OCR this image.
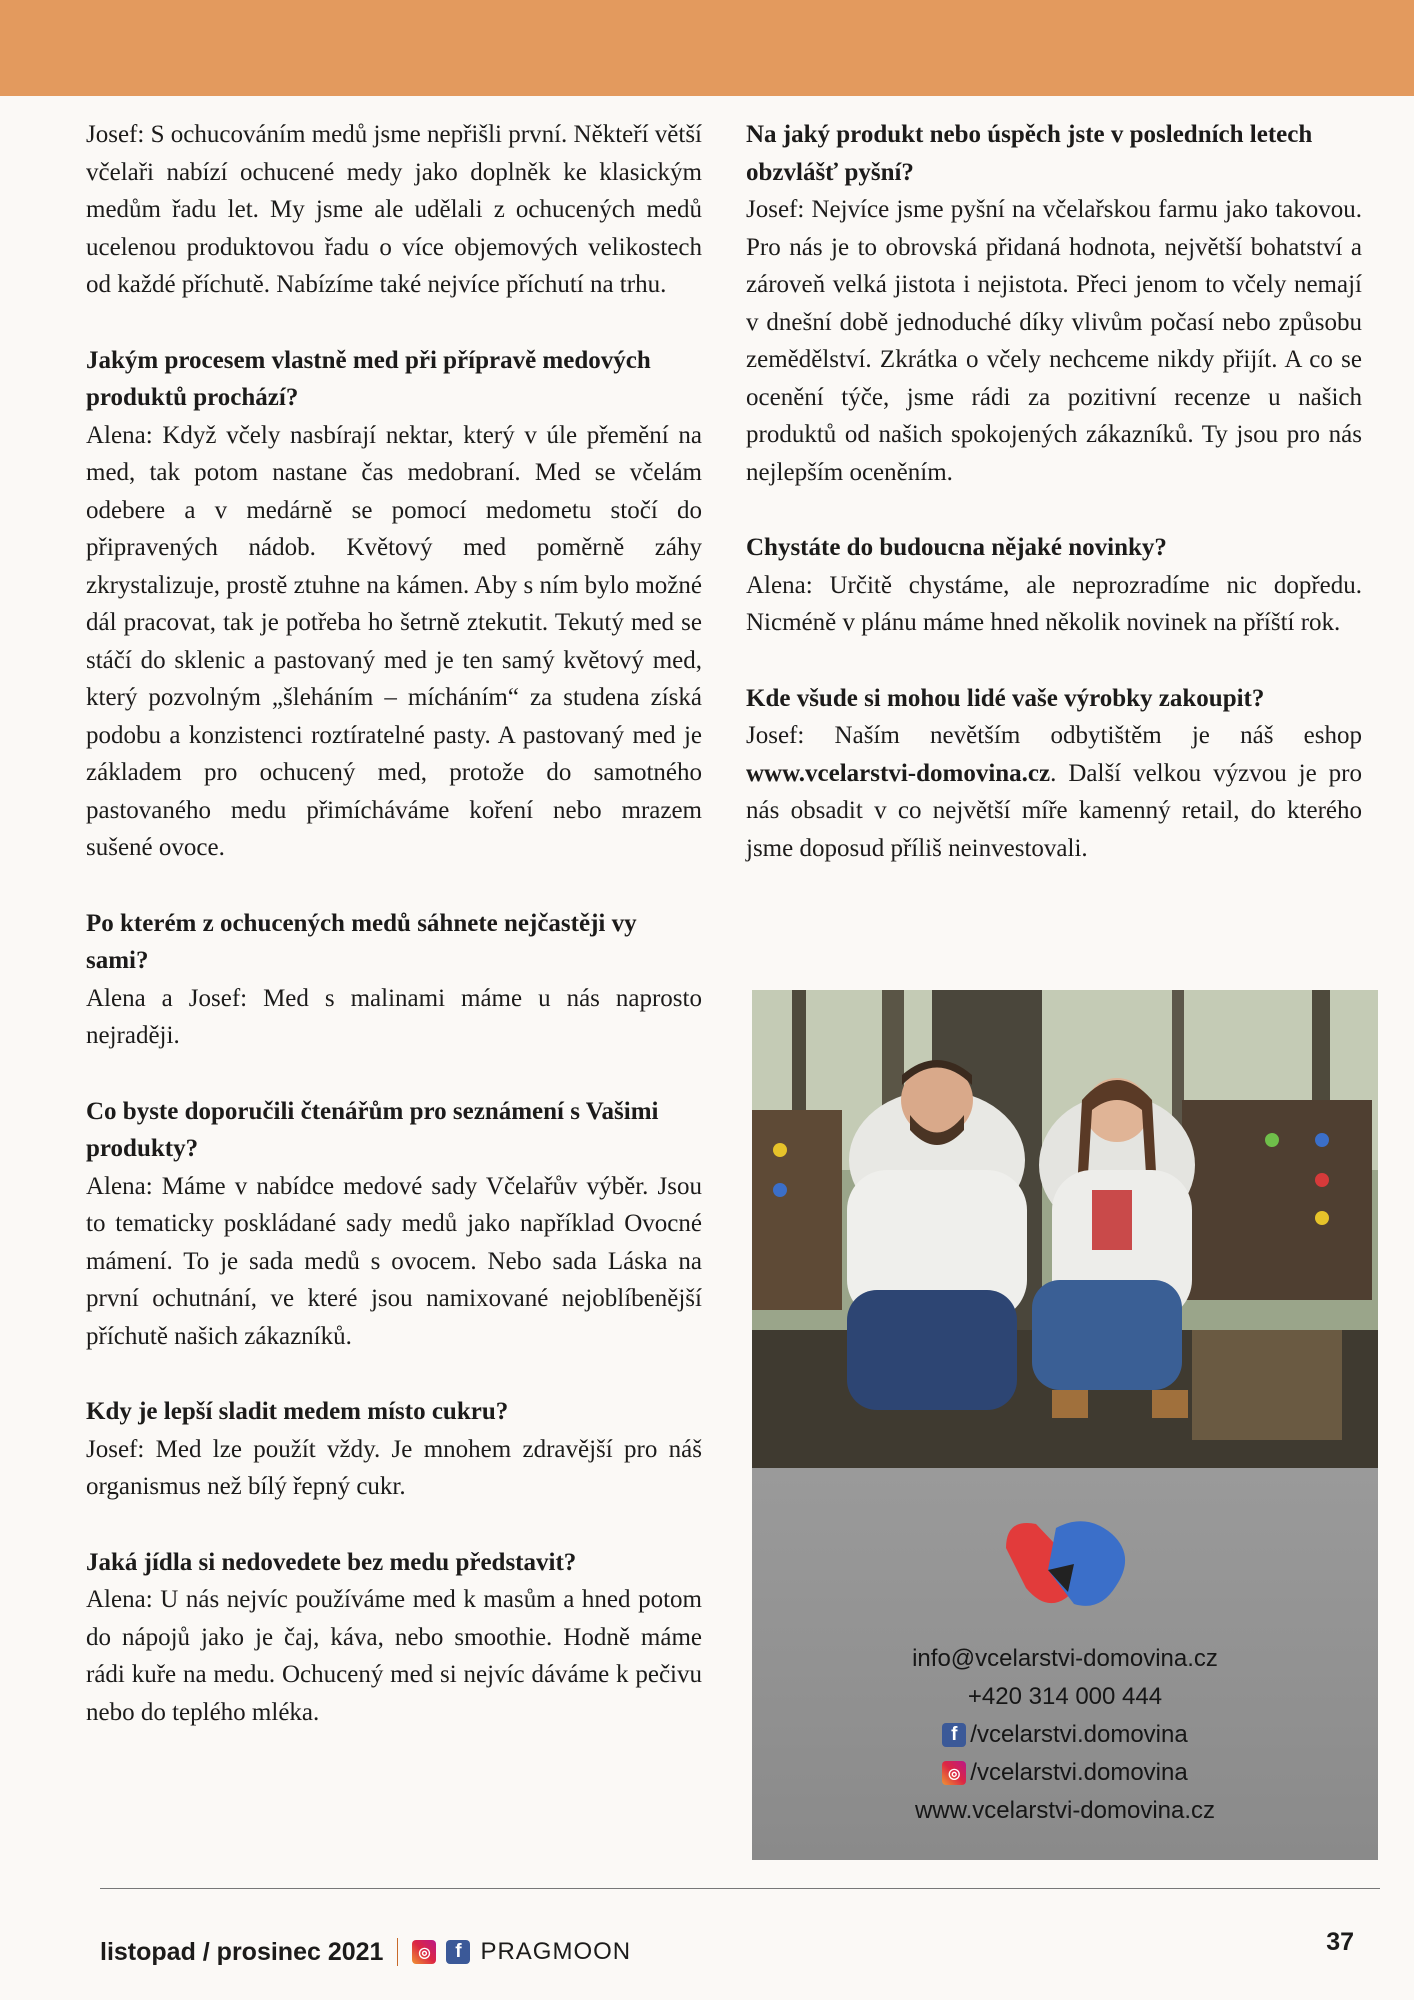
Josef: S ochucováním medů jsme nepřišli první. Někteří větší včelaři nabízí ochucené medy jako doplněk ke klasickým medům řadu let. My jsme ale udělali z ochucených medů ucelenou produktovou řadu o více objemových velikostech od každé příchutě. Nabízíme také nejvíce příchutí na trhu.

Jakým procesem vlastně med při přípravě medových produktů prochází?

Alena: Když včely nasbírají nektar, který v úle přemění na med, tak potom nastane čas medobraní. Med se včelám odebere a v medárně se pomocí medometu stočí do připravených nádob. Květový med poměrně záhy zkrystalizuje, prostě ztuhne na kámen. Aby s ním bylo možné dál pracovat, tak je potřeba ho šetrně ztekutit. Tekutý med se stáčí do sklenic a pastovaný med je ten samý květový med, který pozvolným „šleháním – mícháním“ za studena získá podobu a konzistenci roztíratelné pasty. A pastovaný med je základem pro ochucený med, protože do samotného pastovaného medu přimícháváme koření nebo mrazem sušené ovoce.

Po kterém z ochucených medů sáhnete nejčastěji vy sami?

Alena a Josef: Med s malinami máme u nás naprosto nejraději.

Co byste doporučili čtenářům pro seznámení s Vašimi produkty?

Alena: Máme v nabídce medové sady Včelařův výběr. Jsou to tematicky poskládané sady medů jako například Ovocné mámení. To je sada medů s ovocem. Nebo sada Láska na první ochutnání, ve které jsou namixované nejoblíbenější příchutě našich zákazníků.

Kdy je lepší sladit medem místo cukru?

Josef: Med lze použít vždy. Je mnohem zdravější pro náš organismus než bílý řepný cukr.

Jaká jídla si nedovedete bez medu představit?

Alena: U nás nejvíc používáme med k masům a hned potom do nápojů jako je čaj, káva, nebo smoothie. Hodně máme rádi kuře na medu. Ochucený med si nejvíc dáváme k pečivu nebo do teplého mléka.

Na jaký produkt nebo úspěch jste v posledních letech obzvlášť pyšní?

Josef: Nejvíce jsme pyšní na včelařskou farmu jako takovou. Pro nás je to obrovská přidaná hodnota, největší bohatství a zároveň velká jistota i nejistota. Přeci jenom to včely nemají v dnešní době jednoduché díky vlivům počasí nebo způsobu zemědělství. Zkrátka o včely nechceme nikdy přijít. A co se ocenění týče, jsme rádi za pozitivní recenze u našich produktů od našich spokojených zákazníků. Ty jsou pro nás nejlepším oceněním.

Chystáte do budoucna nějaké novinky?

Alena: Určitě chystáme, ale neprozradíme nic dopředu. Nicméně v plánu máme hned několik novinek na příští rok.

Kde všude si mohou lidé vaše výrobky zakoupit?

Josef: Naším nevětším odbytištěm je náš eshop www.vcelarstvi-domovina.cz. Další velkou výzvou je pro nás obsadit v co největší míře kamenný retail, do kterého jsme doposud příliš neinvestovali.

info@vcelarstvi-domovina.cz
+420 314 000 444
f /vcelarstvi.domovina
◎ /vcelarstvi.domovina
www.vcelarstvi-domovina.cz
listopad / prosinec 2021	◎	f PRAGMOON	37
